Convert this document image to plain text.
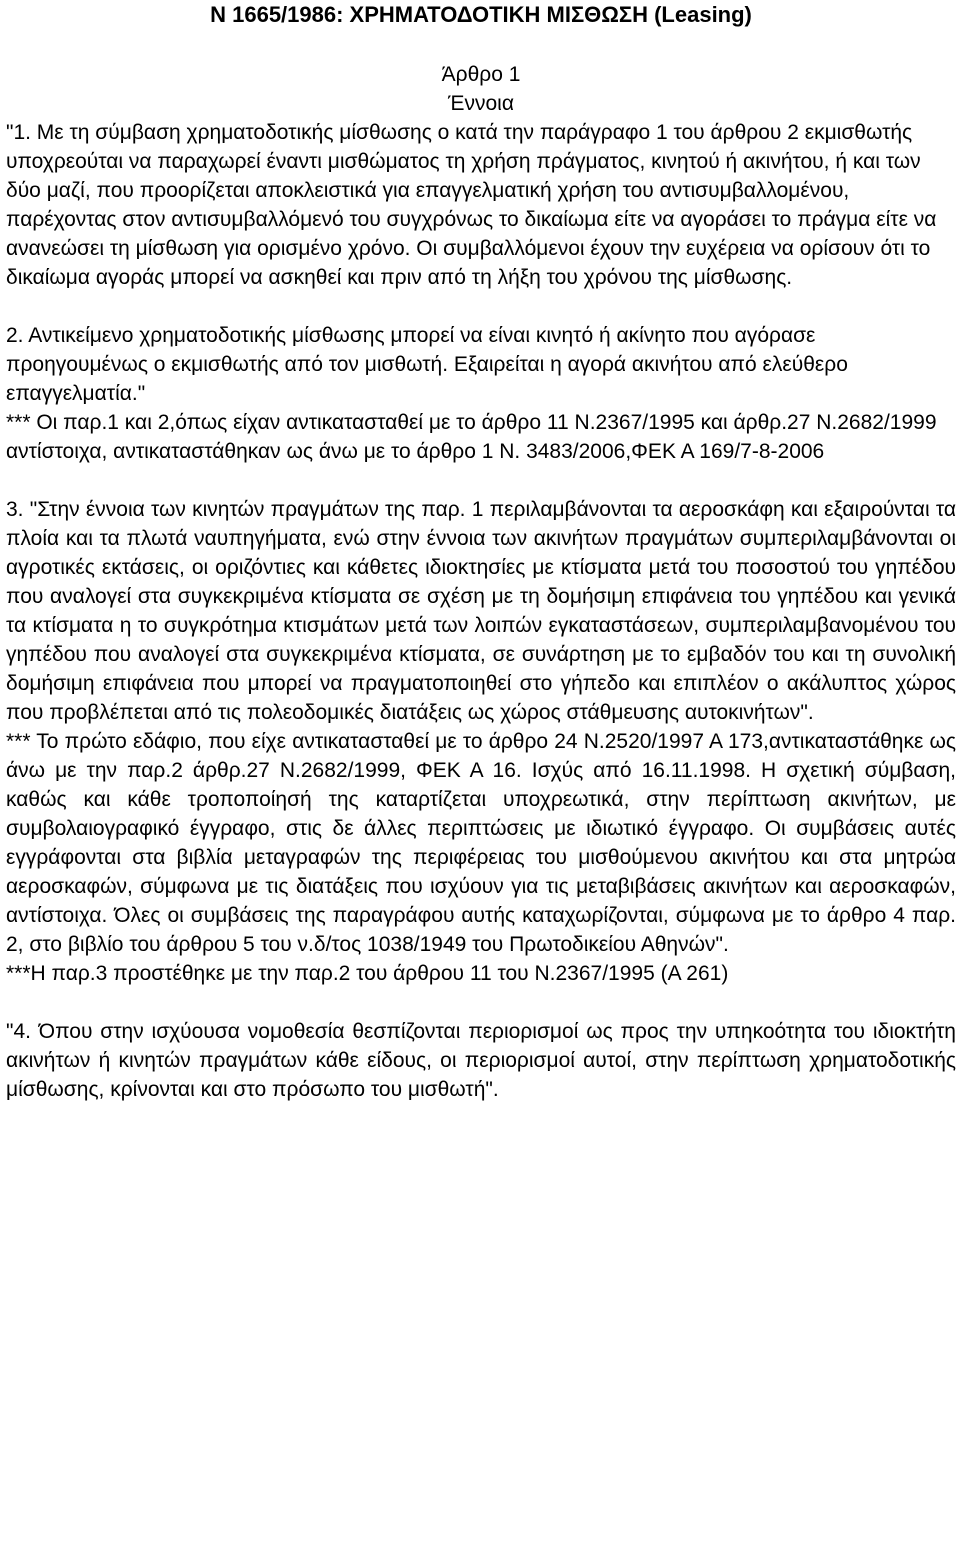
Ν 1665/1986: ΧΡΗΜΑΤΟΔΟΤΙΚΗ ΜΙΣΘΩΣΗ (Leasing)

Άρθρο 1

Έννοια

"1. Με τη σύμβαση χρηματοδοτικής μίσθωσης ο κατά την παράγραφο 1 του άρθρου 2 εκμισθωτής υποχρεούται να παραχωρεί έναντι μισθώματος τη χρήση πράγματος, κινητού ή ακινήτου, ή και των δύο μαζί, που προορίζεται αποκλειστικά για επαγγελματική χρήση του αντισυμβαλλομένου, παρέχοντας στον αντισυμβαλλόμενό του συγχρόνως το δικαίωμα είτε να αγοράσει το πράγμα είτε να ανανεώσει τη μίσθωση για ορισμένο χρόνο. Οι συμβαλλόμενοι έχουν την ευχέρεια να ορίσουν ότι το δικαίωμα αγοράς μπορεί να ασκηθεί και πριν από τη λήξη του χρόνου της μίσθωσης.

2. Αντικείμενο χρηματοδοτικής μίσθωσης μπορεί να είναι κινητό ή ακίνητο που αγόρασε προηγουμένως ο εκμισθωτής από τον μισθωτή. Εξαιρείται η αγορά ακινήτου από ελεύθερο επαγγελματία."

*** Οι παρ.1 και 2,όπως είχαν αντικατασταθεί με το άρθρο 11 Ν.2367/1995 και άρθρ.27 Ν.2682/1999 αντίστοιχα, αντικαταστάθηκαν ως άνω με το άρθρο 1 Ν. 3483/2006,ΦΕΚ Α 169/7-8-2006

3. "Στην έννοια των κινητών πραγμάτων της παρ. 1 περιλαμβάνονται τα αεροσκάφη και εξαιρούνται τα πλοία και τα πλωτά ναυπηγήματα, ενώ στην έννοια των ακινήτων πραγμάτων συμπεριλαμβάνονται οι αγροτικές εκτάσεις, οι οριζόντιες και κάθετες ιδιοκτησίες με κτίσματα μετά του ποσοστού του γηπέδου που αναλογεί στα συγκεκριμένα κτίσματα σε σχέση με τη δομήσιμη επιφάνεια του γηπέδου και γενικά τα κτίσματα η το συγκρότημα κτισμάτων μετά των λοιπών εγκαταστάσεων, συμπεριλαμβανομένου του γηπέδου που αναλογεί στα συγκεκριμένα κτίσματα, σε συνάρτηση με το εμβαδόν του και τη συνολική δομήσιμη επιφάνεια που μπορεί να πραγματοποιηθεί στο γήπεδο και επιπλέον ο ακάλυπτος χώρος που προβλέπεται από τις πολεοδομικές διατάξεις ως χώρος στάθμευσης αυτοκινήτων".

*** Το πρώτο εδάφιο, που είχε αντικατασταθεί με το άρθρο 24 Ν.2520/1997 Α 173,αντικαταστάθηκε ως άνω με την παρ.2 άρθρ.27 Ν.2682/1999, ΦΕΚ Α 16. Ισχύς από 16.11.1998. Η σχετική σύμβαση, καθώς και κάθε τροποποίησή της καταρτίζεται υποχρεωτικά, στην περίπτωση ακινήτων, με συμβολαιογραφικό έγγραφο, στις δε άλλες περιπτώσεις με ιδιωτικό έγγραφο. Οι συμβάσεις αυτές εγγράφονται στα βιβλία μεταγραφών της περιφέρειας του μισθούμενου ακινήτου και στα μητρώα αεροσκαφών, σύμφωνα με τις διατάξεις που ισχύουν για τις μεταβιβάσεις ακινήτων και αεροσκαφών, αντίστοιχα. Όλες οι συμβάσεις της παραγράφου αυτής καταχωρίζονται, σύμφωνα με το άρθρο 4 παρ. 2, στο βιβλίο του άρθρου 5 του ν.δ/τος 1038/1949 του Πρωτοδικείου Αθηνών".

***Η παρ.3 προστέθηκε με την παρ.2 του άρθρου 11 του Ν.2367/1995 (Α 261)

"4. Όπου στην ισχύουσα νομοθεσία θεσπίζονται περιορισμοί ως προς την υπηκοότητα του ιδιοκτήτη ακινήτων ή κινητών πραγμάτων κάθε είδους, οι περιορισμοί αυτοί, στην περίπτωση χρηματοδοτικής μίσθωσης, κρίνονται και στο πρόσωπο του μισθωτή".
